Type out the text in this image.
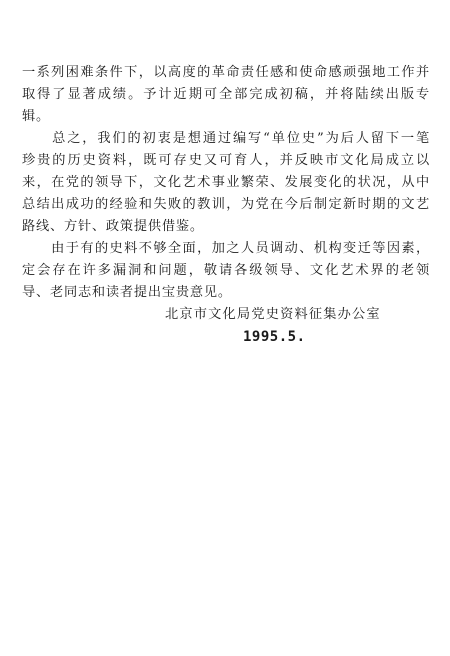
一系列困难条件下，以高度的革命责任感和使命感顽强地工作并
取得了显著成绩。予计近期可全部完成初稿，并将陆续出版专
辑。
　　总之，我们的初衷是想通过编写“单位史”为后人留下一笔
珍贵的历史资料，既可存史又可育人，并反映市文化局成立以
来，在党的领导下，文化艺术事业繁荣、发展变化的状况，从中
总结出成功的经验和失败的教训，为党在今后制定新时期的文艺
路线、方针、政策提供借鉴。
　　由于有的史料不够全面，加之人员调动、机构变迁等因素，
定会存在许多漏洞和问题，敬请各级领导、文化艺术界的老领
导、老同志和读者提出宝贵意见。
北京市文化局党史资料征集办公室
1995.5.
